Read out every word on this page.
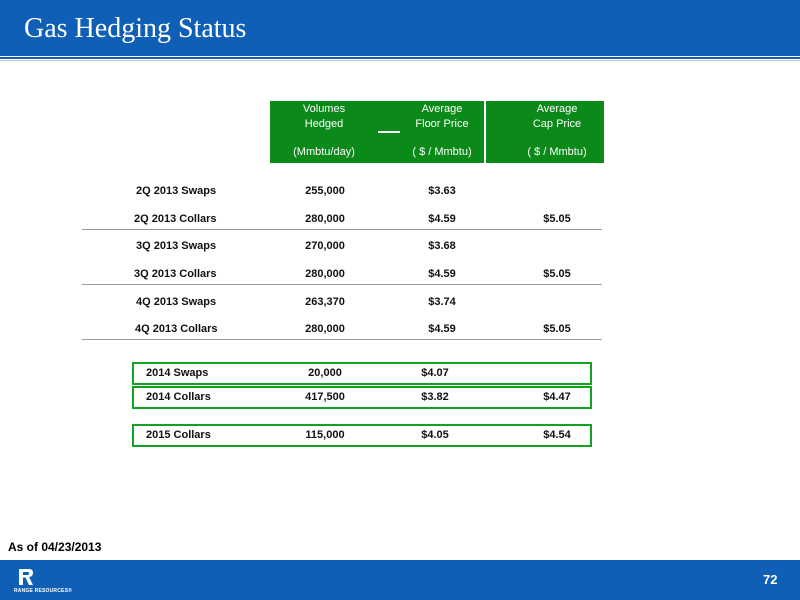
Gas Hedging Status
Volumes
Hedged
(Mmbtu/day)
Average
Floor Price
( $ / Mmbtu)
Average
Cap Price
( $ / Mmbtu)
2Q 2013 Swaps	255,000	$3.63
2Q 2013 Collars	280,000	$4.59	$5.05
3Q 2013 Swaps	270,000	$3.68
3Q 2013 Collars	280,000	$4.59	$5.05
4Q 2013 Swaps	263,370	$3.74
4Q 2013 Collars	280,000	$4.59	$5.05
2014 Swaps	20,000	$4.07
2014 Collars	417,500	$3.82	$4.47
2015 Collars	115,000	$4.05	$4.54
As of 04/23/2013
RANGE RESOURCES®
72
